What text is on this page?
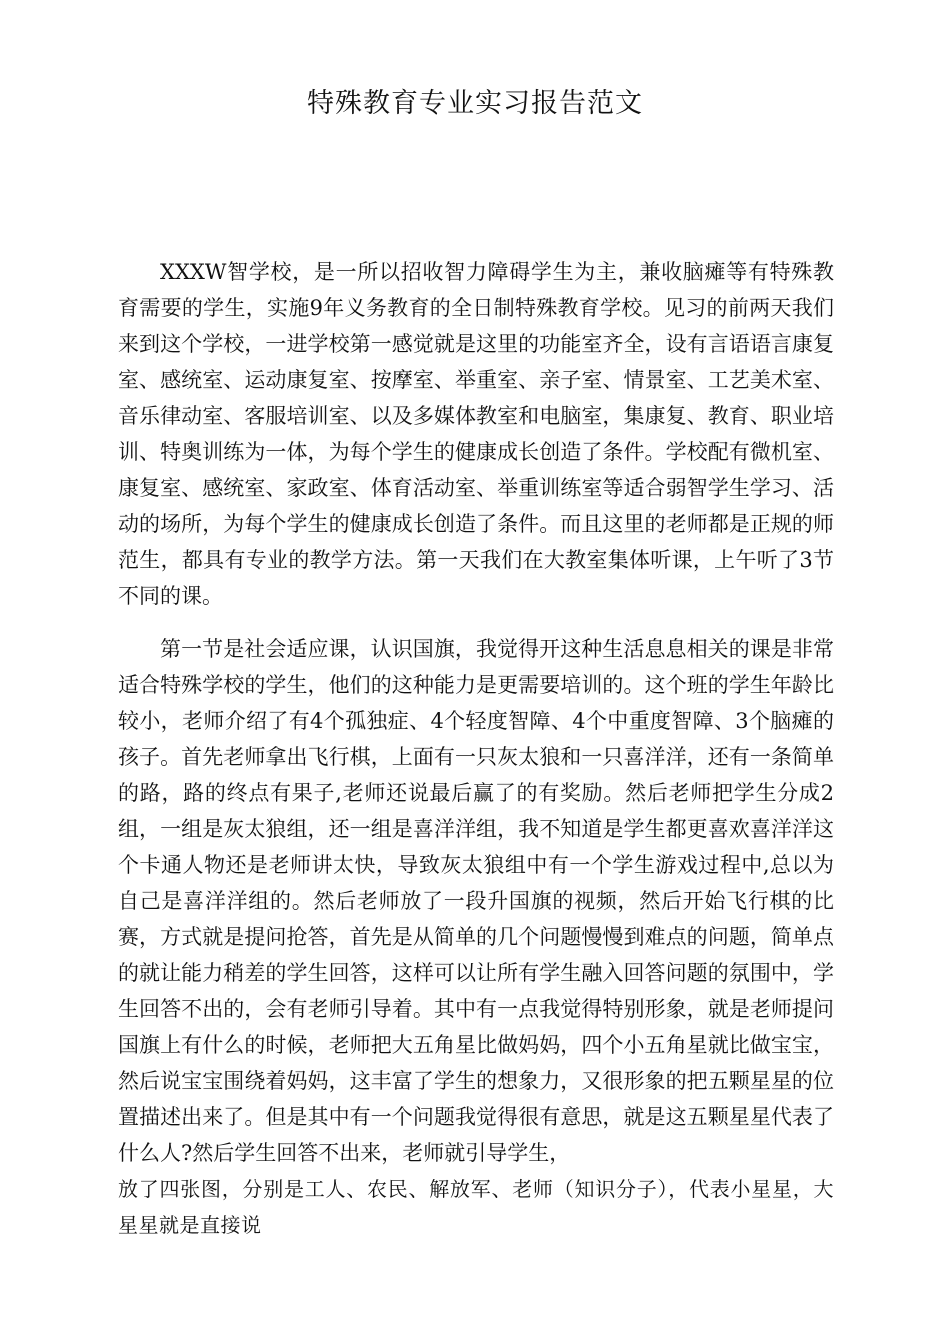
特殊教育专业实习报告范文

XXXW智学校，是一所以招收智力障碍学生为主，兼收脑瘫等有特殊教育需要的学生，实施9年义务教育的全日制特殊教育学校。见习的前两天我们来到这个学校，一进学校第一感觉就是这里的功能室齐全，设有言语语言康复室、感统室、运动康复室、按摩室、举重室、亲子室、情景室、工艺美术室、音乐律动室、客服培训室、以及多媒体教室和电脑室，集康复、教育、职业培训、特奥训练为一体，为每个学生的健康成长创造了条件。学校配有微机室、康复室、感统室、家政室、体育活动室、举重训练室等适合弱智学生学习、活动的场所，为每个学生的健康成长创造了条件。而且这里的老师都是正规的师范生，都具有专业的教学方法。第一天我们在大教室集体听课，上午听了3节不同的课。

第一节是社会适应课，认识国旗，我觉得开这种生活息息相关的课是非常适合特殊学校的学生，他们的这种能力是更需要培训的。这个班的学生年龄比较小，老师介绍了有4个孤独症、4个轻度智障、4个中重度智障、3个脑瘫的孩子。首先老师拿出飞行棋，上面有一只灰太狼和一只喜洋洋，还有一条简单的路，路的终点有果子,老师还说最后赢了的有奖励。然后老师把学生分成2组，一组是灰太狼组，还一组是喜洋洋组，我不知道是学生都更喜欢喜洋洋这个卡通人物还是老师讲太快，导致灰太狼组中有一个学生游戏过程中,总以为自己是喜洋洋组的。然后老师放了一段升国旗的视频，然后开始飞行棋的比赛，方式就是提问抢答，首先是从简单的几个问题慢慢到难点的问题，简单点的就让能力稍差的学生回答，这样可以让所有学生融入回答问题的氛围中，学生回答不出的，会有老师引导着。其中有一点我觉得特别形象，就是老师提问国旗上有什么的时候，老师把大五角星比做妈妈，四个小五角星就比做宝宝，然后说宝宝围绕着妈妈，这丰富了学生的想象力，又很形象的把五颗星星的位置描述出来了。但是其中有一个问题我觉得很有意思，就是这五颗星星代表了什么人?然后学生回答不出来，老师就引导学生，

放了四张图，分别是工人、农民、解放军、老师（知识分子），代表小星星，大星星就是直接说
